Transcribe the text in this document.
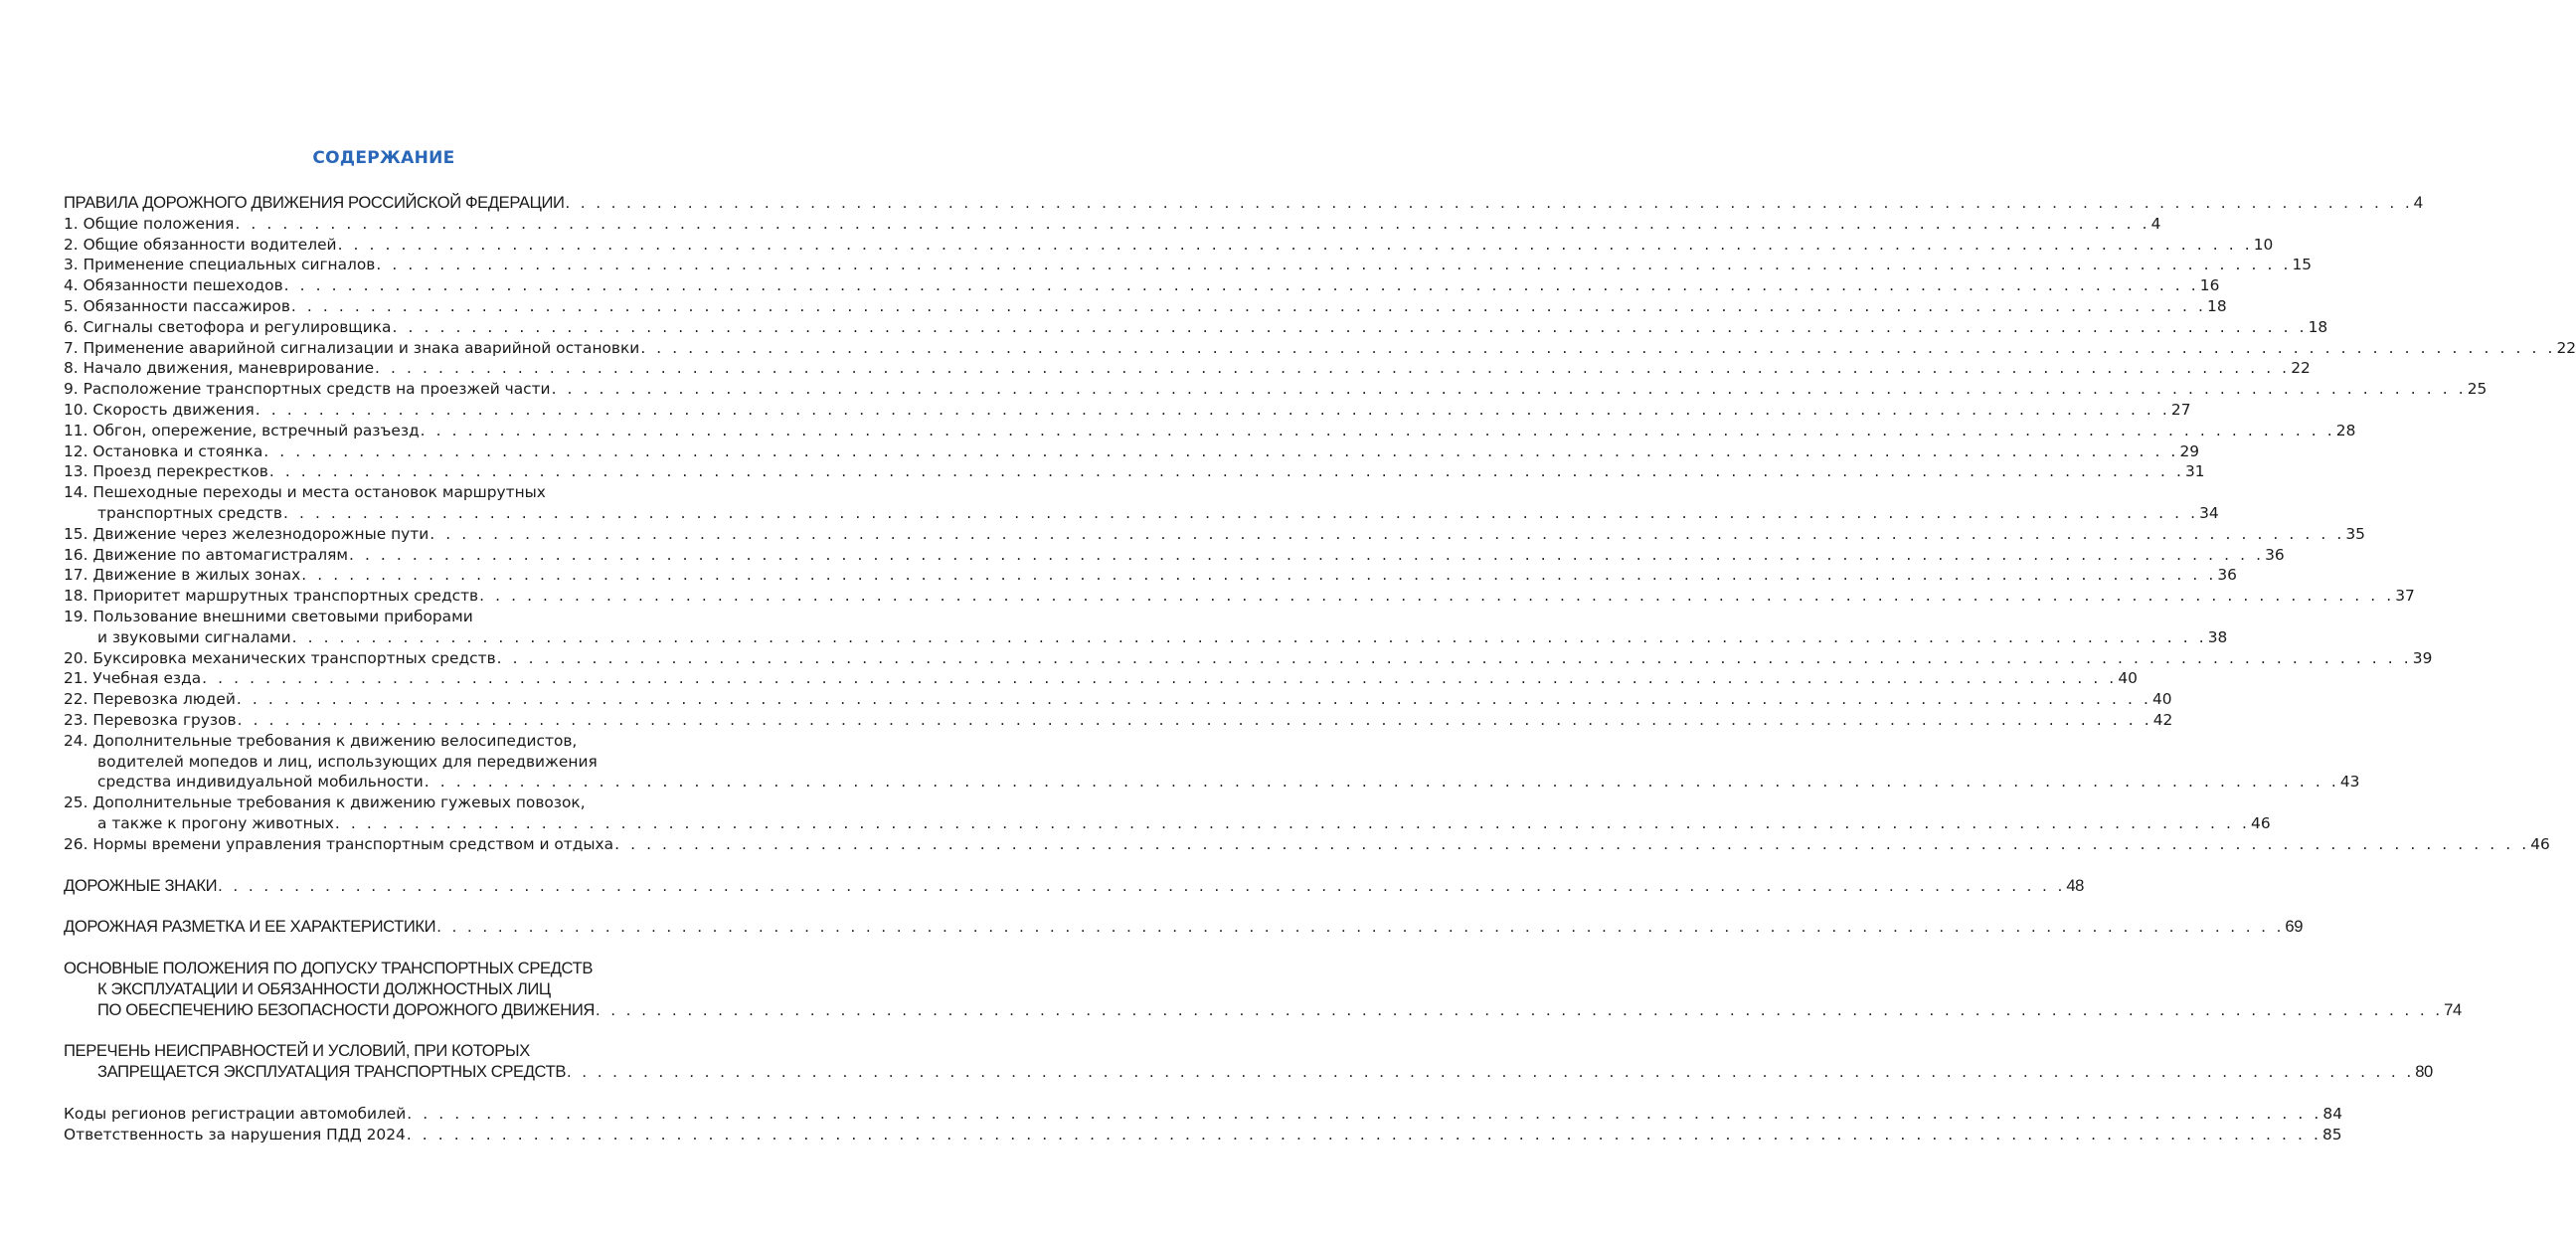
СОДЕРЖАНИЕ
ПРАВИЛА ДОРОЖНОГО ДВИЖЕНИЯ РОССИЙСКОЙ ФЕДЕРАЦИИ . . .	4
1. Общие положения . . .	4
2. Общие обязанности водителей . . .	10
3. Применение специальных сигналов . . .	15
4. Обязанности пешеходов . . .	16
5. Обязанности пассажиров . . .	18
6. Сигналы светофора и регулировщика . . .	18
7. Применение аварийной сигнализации и знака аварийной остановки . . .	22
8. Начало движения, маневрирование . . .	22
9. Расположение транспортных средств на проезжей части . . .	25
10. Скорость движения . . .	27
11. Обгон, опережение, встречный разъезд . . .	28
12. Остановка и стоянка . . .	29
13. Проезд перекрестков . . .	31
14. Пешеходные переходы и места остановок маршрутных
транспортных средств . . .	34
15. Движение через железнодорожные пути . . .	35
16. Движение по автомагистралям . . .	36
17. Движение в жилых зонах . . .	36
18. Приоритет маршрутных транспортных средств . . .	37
19. Пользование внешними световыми приборами
и звуковыми сигналами . . .	38
20. Буксировка механических транспортных средств . . .	39
21. Учебная езда . . .	40
22. Перевозка людей . . .	40
23. Перевозка грузов . . .	42
24. Дополнительные требования к движению велосипедистов,
водителей мопедов и лиц, использующих для передвижения
средства индивидуальной мобильности . . .	43
25. Дополнительные требования к движению гужевых повозок,
а также к прогону животных . . .	46
26. Нормы времени управления транспортным средством и отдыха . . .	46
ДОРОЖНЫЕ ЗНАКИ . . .	48
ДОРОЖНАЯ РАЗМЕТКА И ЕЕ ХАРАКТЕРИСТИКИ . . .	69
ОСНОВНЫЕ ПОЛОЖЕНИЯ ПО ДОПУСКУ ТРАНСПОРТНЫХ СРЕДСТВ
К ЭКСПЛУАТАЦИИ И ОБЯЗАННОСТИ ДОЛЖНОСТНЫХ ЛИЦ
ПО ОБЕСПЕЧЕНИЮ БЕЗОПАСНОСТИ ДОРОЖНОГО ДВИЖЕНИЯ . . .	74
ПЕРЕЧЕНЬ НЕИСПРАВНОСТЕЙ И УСЛОВИЙ, ПРИ КОТОРЫХ
ЗАПРЕЩАЕТСЯ ЭКСПЛУАТАЦИЯ ТРАНСПОРТНЫХ СРЕДСТВ . . .	80
Коды регионов регистрации автомобилей . . .	84
Ответственность за нарушения ПДД 2024 . . .	85
